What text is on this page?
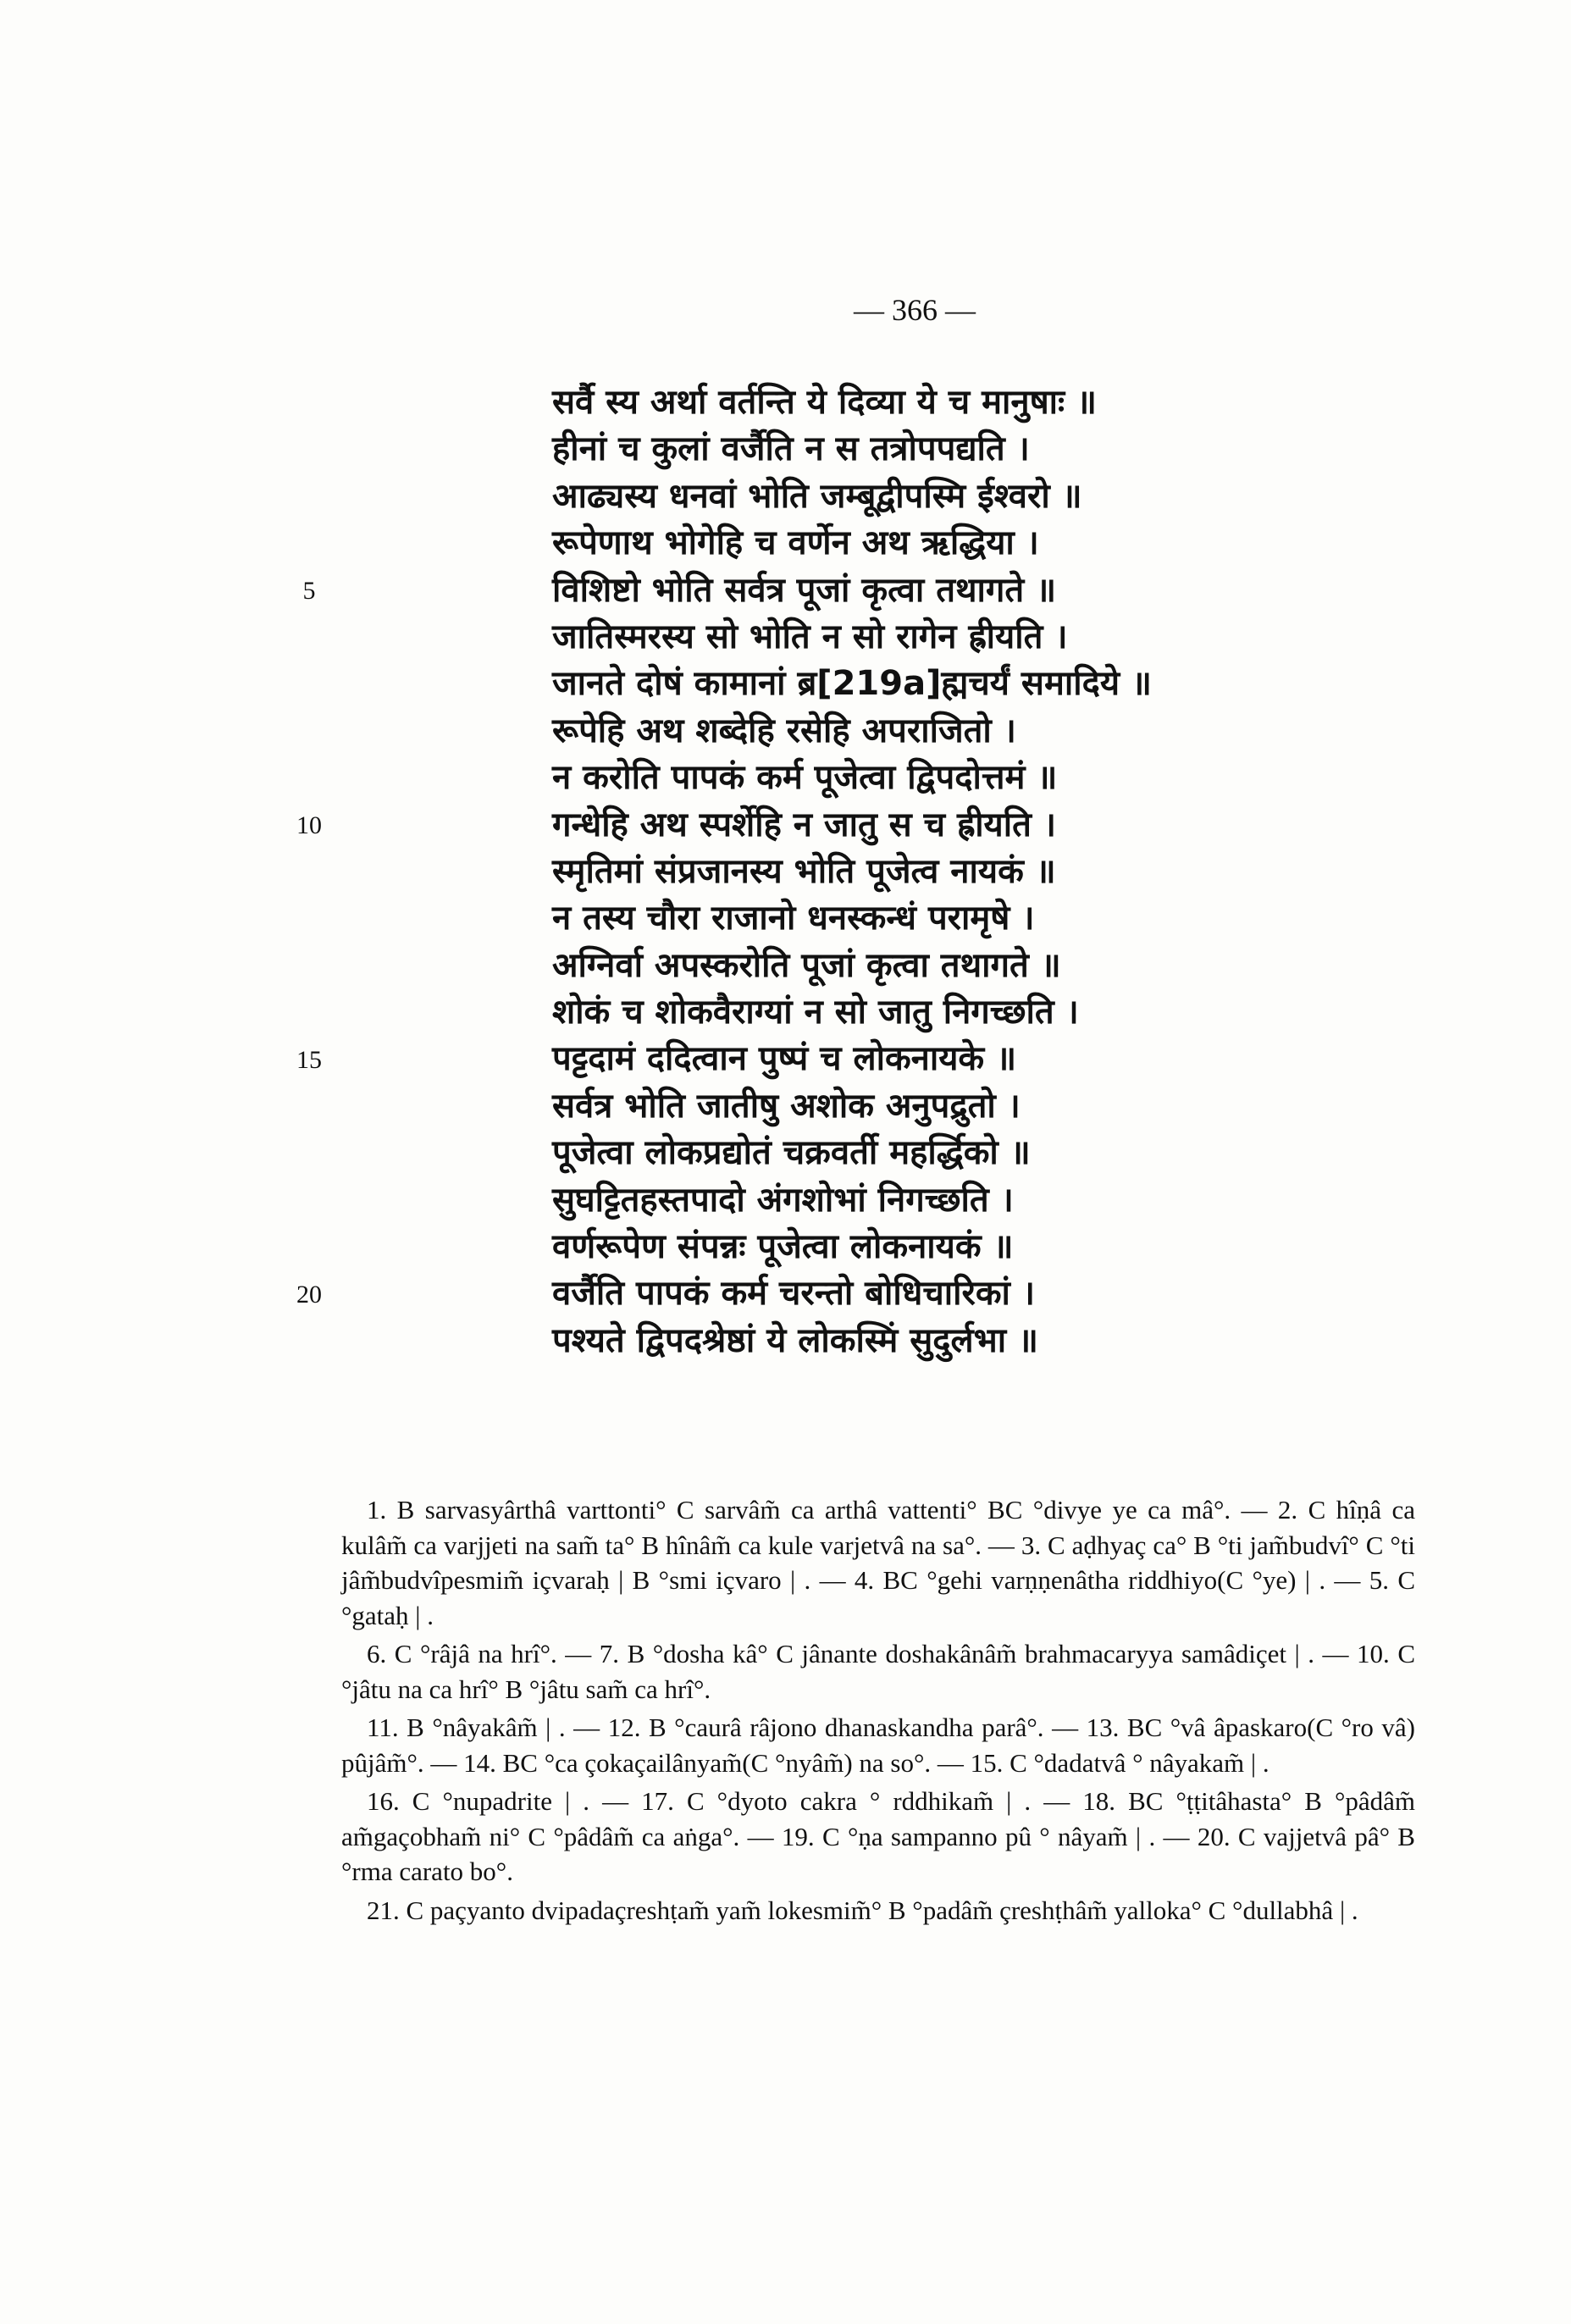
— 366 —
5
10
15
20
सर्वै स्य अर्था वर्तन्ति ये दिव्या ये च मानुषाः ॥
हीनां च कुलां वर्जैति न स तत्रोपपद्यति ।
आढ्यस्य धनवां भोति जम्बूद्वीपस्मि ईश्वरो ॥
रूपेणाथ भोगेहि च वर्णेन अथ ऋद्धिया ।
विशिष्टो भोति सर्वत्र पूजां कृत्वा तथागते ॥
जातिस्मरस्य सो भोति न सो रागेन ह्रीयति ।
जानते दोषं कामानां ब्र[219a]ह्मचर्यं समादिये ॥
रूपेहि अथ शब्देहि रसेहि अपराजितो ।
न करोति पापकं कर्म पूजेत्वा द्विपदोत्तमं ॥
गन्धेहि अथ स्पर्शेहि न जातु स च ह्रीयति ।
स्मृतिमां संप्रजानस्य भोति पूजेत्व नायकं ॥
न तस्य चौरा राजानो धनस्कन्धं परामृषे ।
अग्निर्वा अपस्करोति पूजां कृत्वा तथागते ॥
शोकं च शोकवैराग्यां न सो जातु निगच्छति ।
पट्टदामं ददित्वान पुष्पं च लोकनायके ॥
सर्वत्र भोति जातीषु अशोक अनुपद्रुतो ।
पूजेत्वा लोकप्रद्योतं चक्रवर्ती महर्द्धिको ॥
सुघट्टितहस्तपादो अंगशोभां निगच्छति ।
वर्णरूपेण संपन्नः पूजेत्वा लोकनायकं ॥
वर्जैति पापकं कर्म चरन्तो बोधिचारिकां ।
पश्यते द्विपदश्रेष्ठां ये लोकस्मिं सुदुर्लभा ॥

1. B sarvasyârthâ varttonti° C sarvâm̃ ca arthâ vattenti° BC °divye ye ca mâ°. — 2. C hîṇâ ca kulâm̃ ca varjjeti na sam̃ ta° B hînâm̃ ca kule varjetvâ na sa°. — 3. C aḍhyaç ca° B °ti jam̃budvî° C °ti jâm̃budvîpesmim̃ içvaraḥ | B °smi içvaro | . — 4. BC °gehi varṇṇenâtha riddhiyo(C °ye) | . — 5. C °gataḥ | .

6. C °râjâ na hrî°. — 7. B °dosha kâ° C jânante doshakânâm̃ brahmacaryya samâdiçet | . — 10. C °jâtu na ca hrî° B °jâtu sam̃ ca hrî°.

11. B °nâyakâm̃ | . — 12. B °caurâ râjono dhanaskandha parâ°. — 13. BC °vâ âpaskaro(C °ro vâ) pûjâm̃°. — 14. BC °ca çokaçailânyam̃(C °nyâm̃) na so°. — 15. C °dadatvâ ° nâyakam̃ | .

16. C °nupadrite | . — 17. C °dyoto cakra ° rddhikam̃ | . — 18. BC °ṭṭitâhasta° B °pâdâm̃ am̃gaçobham̃ ni° C °pâdâm̃ ca aṅga°. — 19. C °ṇa sampanno pû ° nâyam̃ | . — 20. C vajjetvâ pâ° B °rma carato bo°.

21. C paçyanto dvipadaçreshṭam̃ yam̃ lokesmim̃° B °padâm̃ çreshṭhâm̃ yalloka° C °dullabhâ | .
